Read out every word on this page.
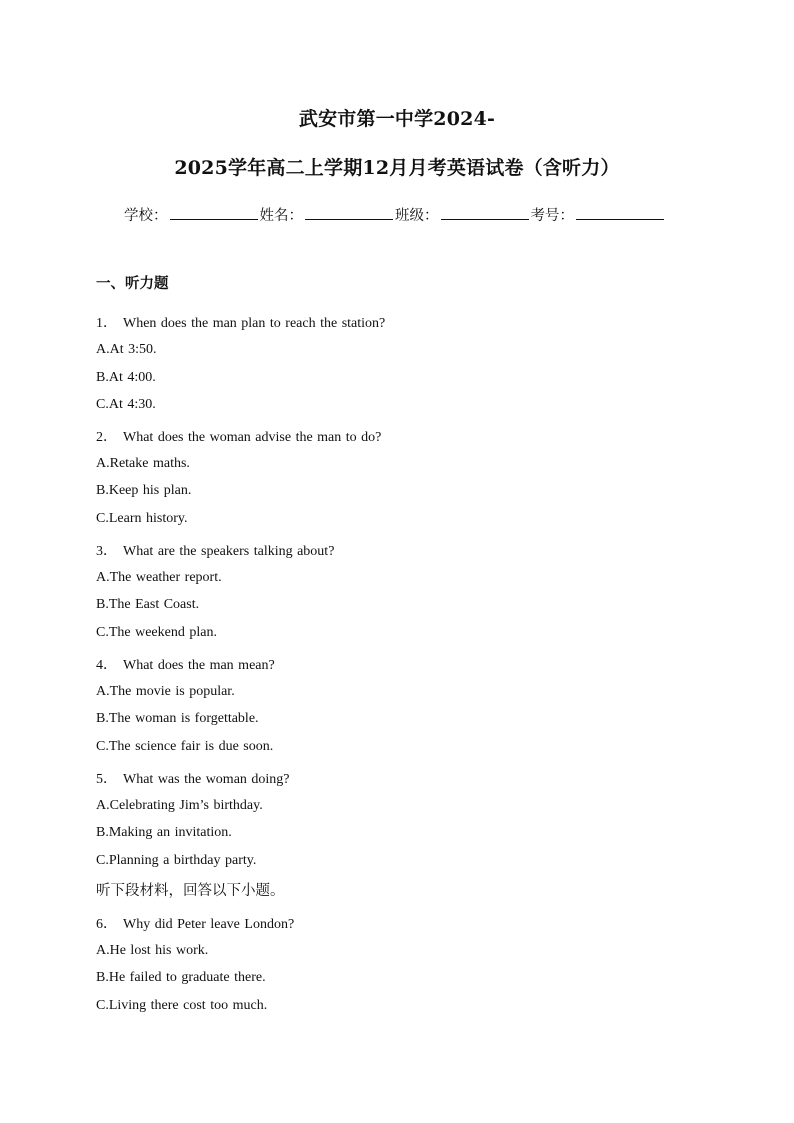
武安市第一中学2024-
2025学年高二上学期12月月考英语试卷（含听力）
学校：	姓名：	班级：	考号：
一、听力题
1． When does the man plan to reach the station?
A.At 3:50.
B.At 4:00.
C.At 4:30.
2． What does the woman advise the man to do?
A.Retake maths.
B.Keep his plan.
C.Learn history.
3． What are the speakers talking about?
A.The weather report.
B.The East Coast.
C.The weekend plan.
4． What does the man mean?
A.The movie is popular.
B.The woman is forgettable.
C.The science fair is due soon.
5． What was the woman doing?
A.Celebrating Jim’s birthday.
B.Making an invitation.
C.Planning a birthday party.
听下段材料，回答以下小题。
6． Why did Peter leave London?
A.He lost his work.
B.He failed to graduate there.
C.Living there cost too much.
